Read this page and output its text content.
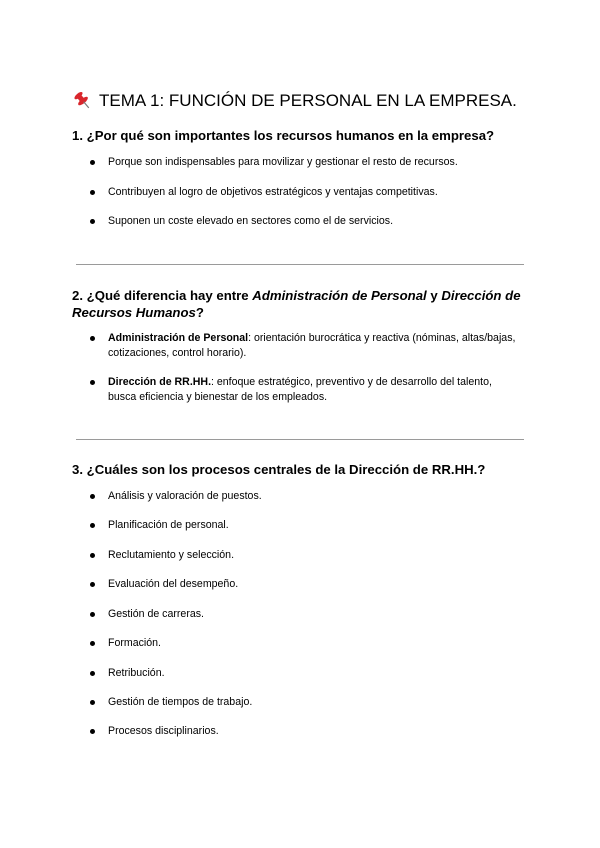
TEMA 1: FUNCIÓN DE PERSONAL EN LA EMPRESA.
1. ¿Por qué son importantes los recursos humanos en la empresa?
Porque son indispensables para movilizar y gestionar el resto de recursos.
Contribuyen al logro de objetivos estratégicos y ventajas competitivas.
Suponen un coste elevado en sectores como el de servicios.
2. ¿Qué diferencia hay entre Administración de Personal y Dirección de Recursos Humanos?
Administración de Personal: orientación burocrática y reactiva (nóminas, altas/bajas, cotizaciones, control horario).
Dirección de RR.HH.: enfoque estratégico, preventivo y de desarrollo del talento, busca eficiencia y bienestar de los empleados.
3. ¿Cuáles son los procesos centrales de la Dirección de RR.HH.?
Análisis y valoración de puestos.
Planificación de personal.
Reclutamiento y selección.
Evaluación del desempeño.
Gestión de carreras.
Formación.
Retribución.
Gestión de tiempos de trabajo.
Procesos disciplinarios.
